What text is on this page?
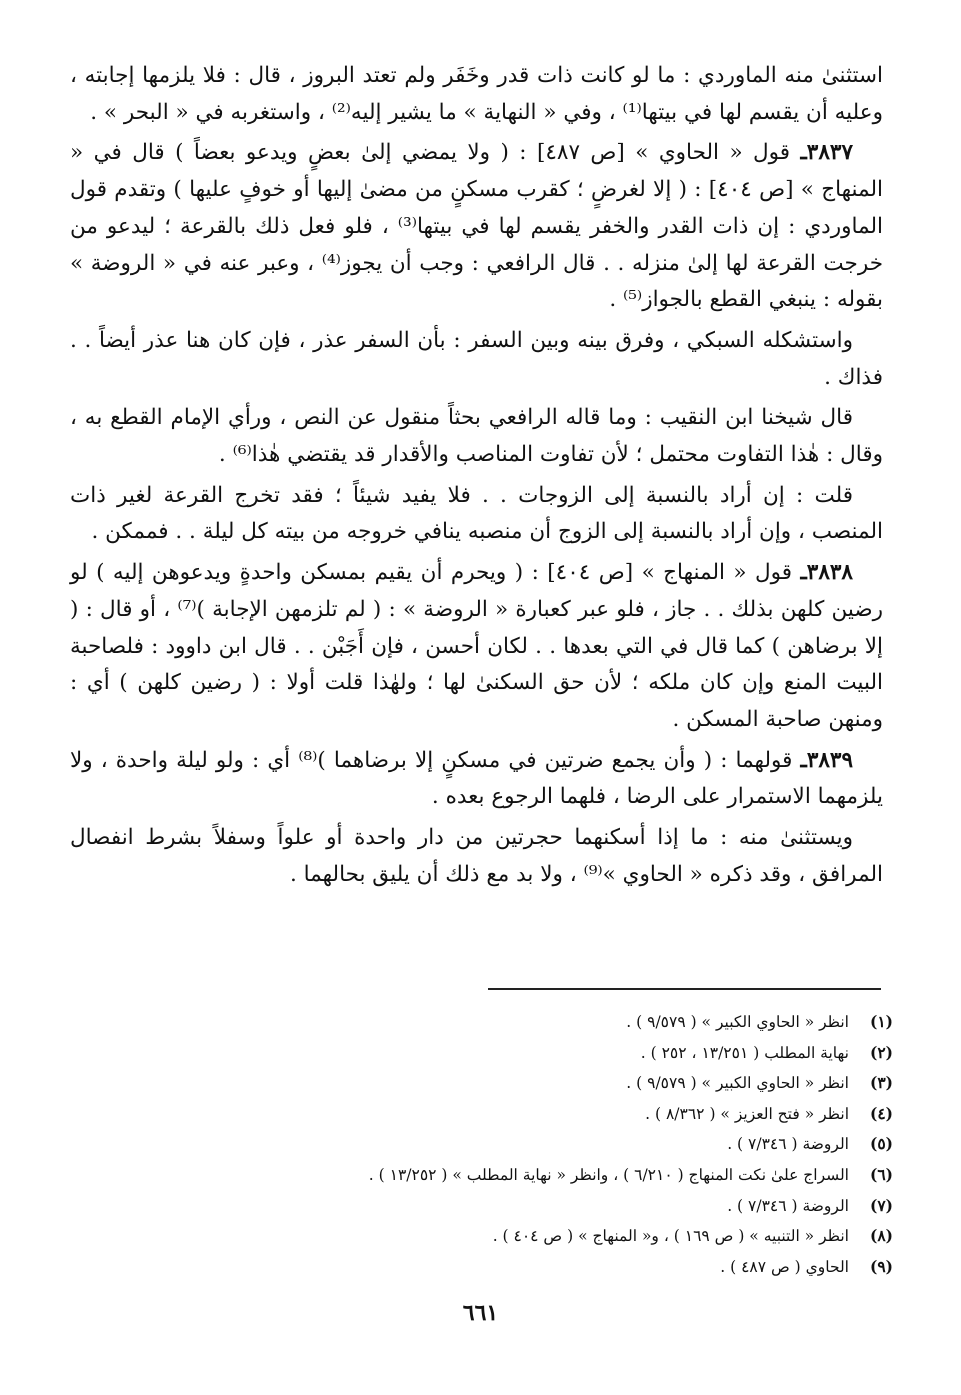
استثنىٰ منه الماوردي : ما لو كانت ذات قدر وخَفَر ولم تعتد البروز ، قال : فلا يلزمها إجابته ، وعليه أن يقسم لها في بيتها⁽¹⁾ ، وفي « النهاية » ما يشير إليه⁽²⁾ ، واستغربه في « البحر » .

٣٨٣٧ـ قول « الحاوي » [ص ٤٨٧] : ( ولا يمضي إلىٰ بعضٍ ويدعو بعضاً ) قال في « المنهاج » [ص ٤٠٤] : ( إلا لغرضٍ ؛ كقرب مسكنٍ من مضىٰ إليها أو خوفٍ عليها ) وتقدم قول الماوردي : إن ذات القدر والخفر يقسم لها في بيتها⁽³⁾ ، فلو فعل ذلك بالقرعة ؛ ليدعو من خرجت القرعة لها إلىٰ منزله . . قال الرافعي : وجب أن يجوز⁽⁴⁾ ، وعبر عنه في « الروضة » بقوله : ينبغي القطع بالجواز⁽⁵⁾ .

واستشكله السبكي ، وفرق بينه وبين السفر : بأن السفر عذر ، فإن كان هنا عذر أيضاً . . فذاك .

قال شيخنا ابن النقيب : وما قاله الرافعي بحثاً منقول عن النص ، ورأي الإمام القطع به ، وقال : هٰذا التفاوت محتمل ؛ لأن تفاوت المناصب والأقدار قد يقتضي هٰذا⁽⁶⁾ .

قلت : إن أراد بالنسبة إلى الزوجات . . فلا يفيد شيئاً ؛ فقد تخرج القرعة لغير ذات المنصب ، وإن أراد بالنسبة إلى الزوج أن منصبه ينافي خروجه من بيته كل ليلة . . فممكن .

٣٨٣٨ـ قول « المنهاج » [ص ٤٠٤] : ( ويحرم أن يقيم بمسكن واحدةٍ ويدعوهن إليه ) لو رضين كلهن بذلك . . جاز ، فلو عبر كعبارة « الروضة » : ( لم تلزمهن الإجابة )⁽⁷⁾ ، أو قال : ( إلا برضاهن ) كما قال في التي بعدها . . لكان أحسن ، فإن أَجَبْن . . قال ابن داوود : فلصاحبة البيت المنع وإن كان ملكه ؛ لأن حق السكنىٰ لها ؛ ولهٰذا قلت أولا : ( رضين كلهن ) أي : ومنهن صاحبة المسكن .

٣٨٣٩ـ قولهما : ( وأن يجمع ضرتين في مسكنٍ إلا برضاهما )⁽⁸⁾ أي : ولو ليلة واحدة ، ولا يلزمهما الاستمرار على الرضا ، فلهما الرجوع بعده .

ويستثنىٰ منه : ما إذا أسكنهما حجرتين من دار واحدة أو علواً وسفلاً بشرط انفصال المرافق ، وقد ذكره « الحاوي »⁽⁹⁾ ، ولا بد مع ذلك أن يليق بحالهما .

(١)
انظر « الحاوي الكبير » ( ٩/٥٧٩ ) .
(٢)
نهاية المطلب ( ١٣/٢٥١ ، ٢٥٢ ) .
(٣)
انظر « الحاوي الكبير » ( ٩/٥٧٩ ) .
(٤)
انظر « فتح العزيز » ( ٨/٣٦٢ ) .
(٥)
الروضة ( ٧/٣٤٦ ) .
(٦)
السراج علىٰ نكت المنهاج ( ٦/٢١٠ ) ، وانظر « نهاية المطلب » ( ١٣/٢٥٢ ) .
(٧)
الروضة ( ٧/٣٤٦ ) .
(٨)
انظر « التنبيه » ( ص ١٦٩ ) ، و« المنهاج » ( ص ٤٠٤ ) .
(٩)
الحاوي ( ص ٤٨٧ ) .
٦٦١
